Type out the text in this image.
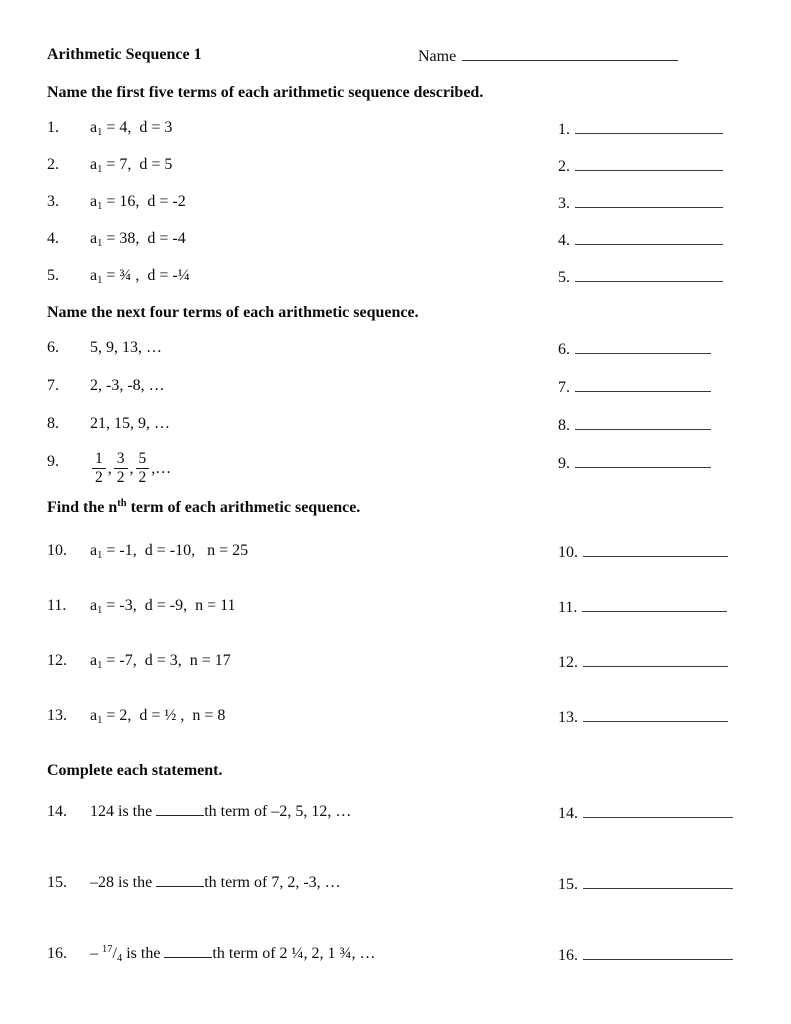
Arithmetic Sequence 1	Name
Name the first five terms of each arithmetic sequence described.
1.	$a_1 = 4$,  d = 3	1.
2.	$a_1 = 7$,  d = 5	2.
3.	$a_1 = 16$,  d = -2	3.
4.	$a_1 = 38$,  d = -4	4.
5.	$a_1$ = ¾ ,  d = -¼	5.
Name the next four terms of each arithmetic sequence.
6.	5, 9, 13, …	6.
7.	2, -3, -8, …	7.
8.	21, 15, 9, …	8.
9.	$\frac{1}{2}$ , $\frac{3}{2}$ , $\frac{5}{2}$ ,…	9.
Find the $n^{th}$ term of each arithmetic sequence.
10.	$a_1 = -1$,  d = -10,   n = 25	10.
11.	$a_1 = -3$,  d = -9,  n = 11	11.
12.	$a_1 = -7$,  d = 3,  n = 17	12.
13.	$a_1 = 2$,  d = ½ ,  n = 8	13.
Complete each statement.
14.	124 is the	th term of –2, 5, 12, …	14.
15.	–28 is the	th term of 7, 2, -3, …	15.
16.	– $^{17}/_4$ is the	th term of 2 ¼, 2, 1 ¾, …	16.
